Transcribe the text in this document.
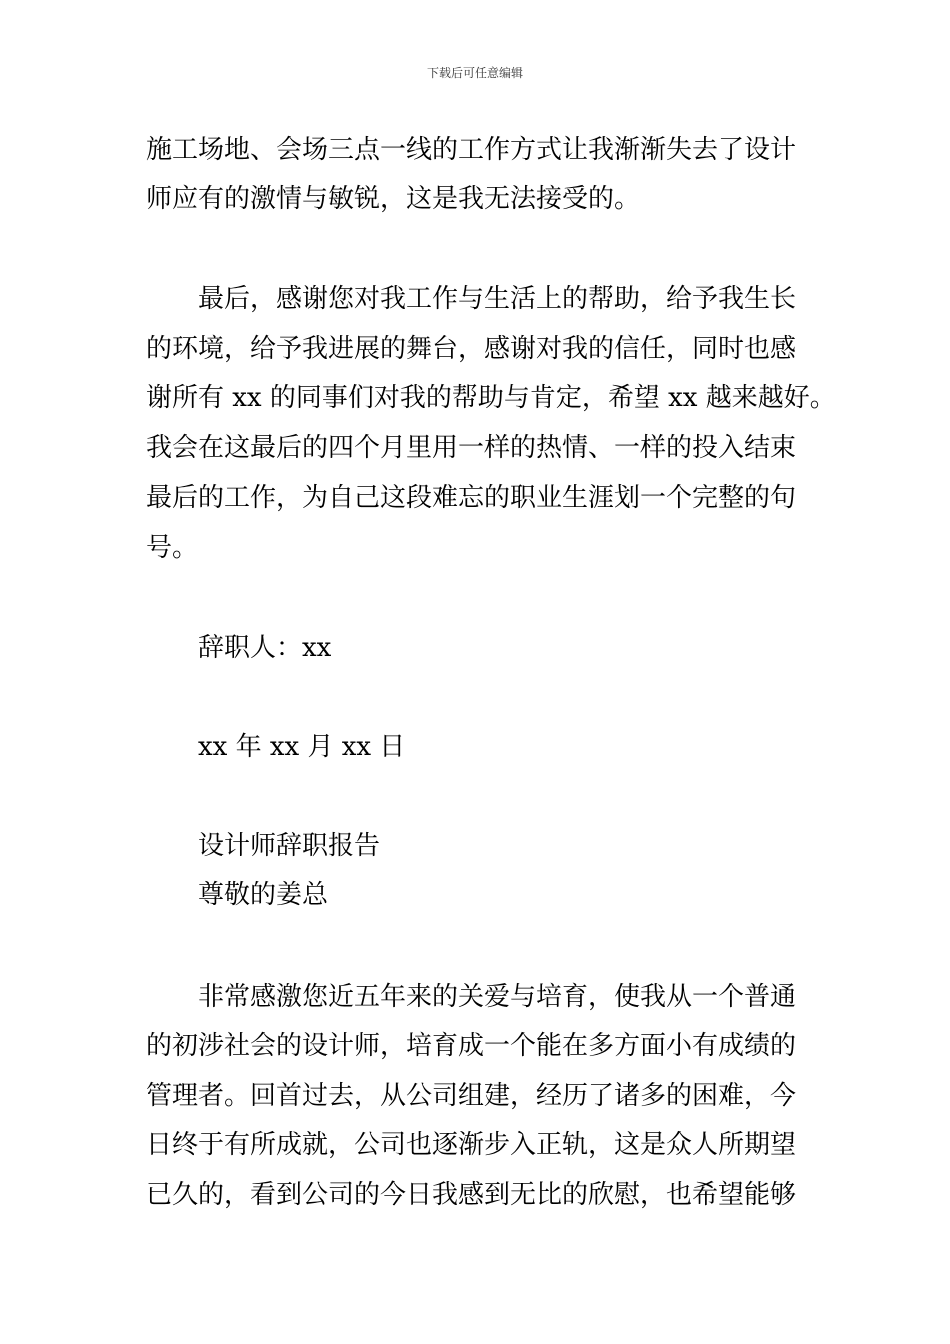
下载后可任意编辑
施工场地、会场三点一线的工作方式让我渐渐失去了设计
师应有的激情与敏锐，这是我无法接受的。
最后，感谢您对我工作与生活上的帮助，给予我生长
的环境，给予我进展的舞台，感谢对我的信任，同时也感
谢所有 xx 的同事们对我的帮助与肯定，希望 xx 越来越好。
我会在这最后的四个月里用一样的热情、一样的投入结束
最后的工作，为自己这段难忘的职业生涯划一个完整的句
号。
辞职人：xx
xx 年 xx 月 xx 日
设计师辞职报告
尊敬的姜总
非常感激您近五年来的关爱与培育，使我从一个普通
的初涉社会的设计师，培育成一个能在多方面小有成绩的
管理者。回首过去，从公司组建，经历了诸多的困难，今
日终于有所成就，公司也逐渐步入正轨，这是众人所期望
已久的，看到公司的今日我感到无比的欣慰，也希望能够
